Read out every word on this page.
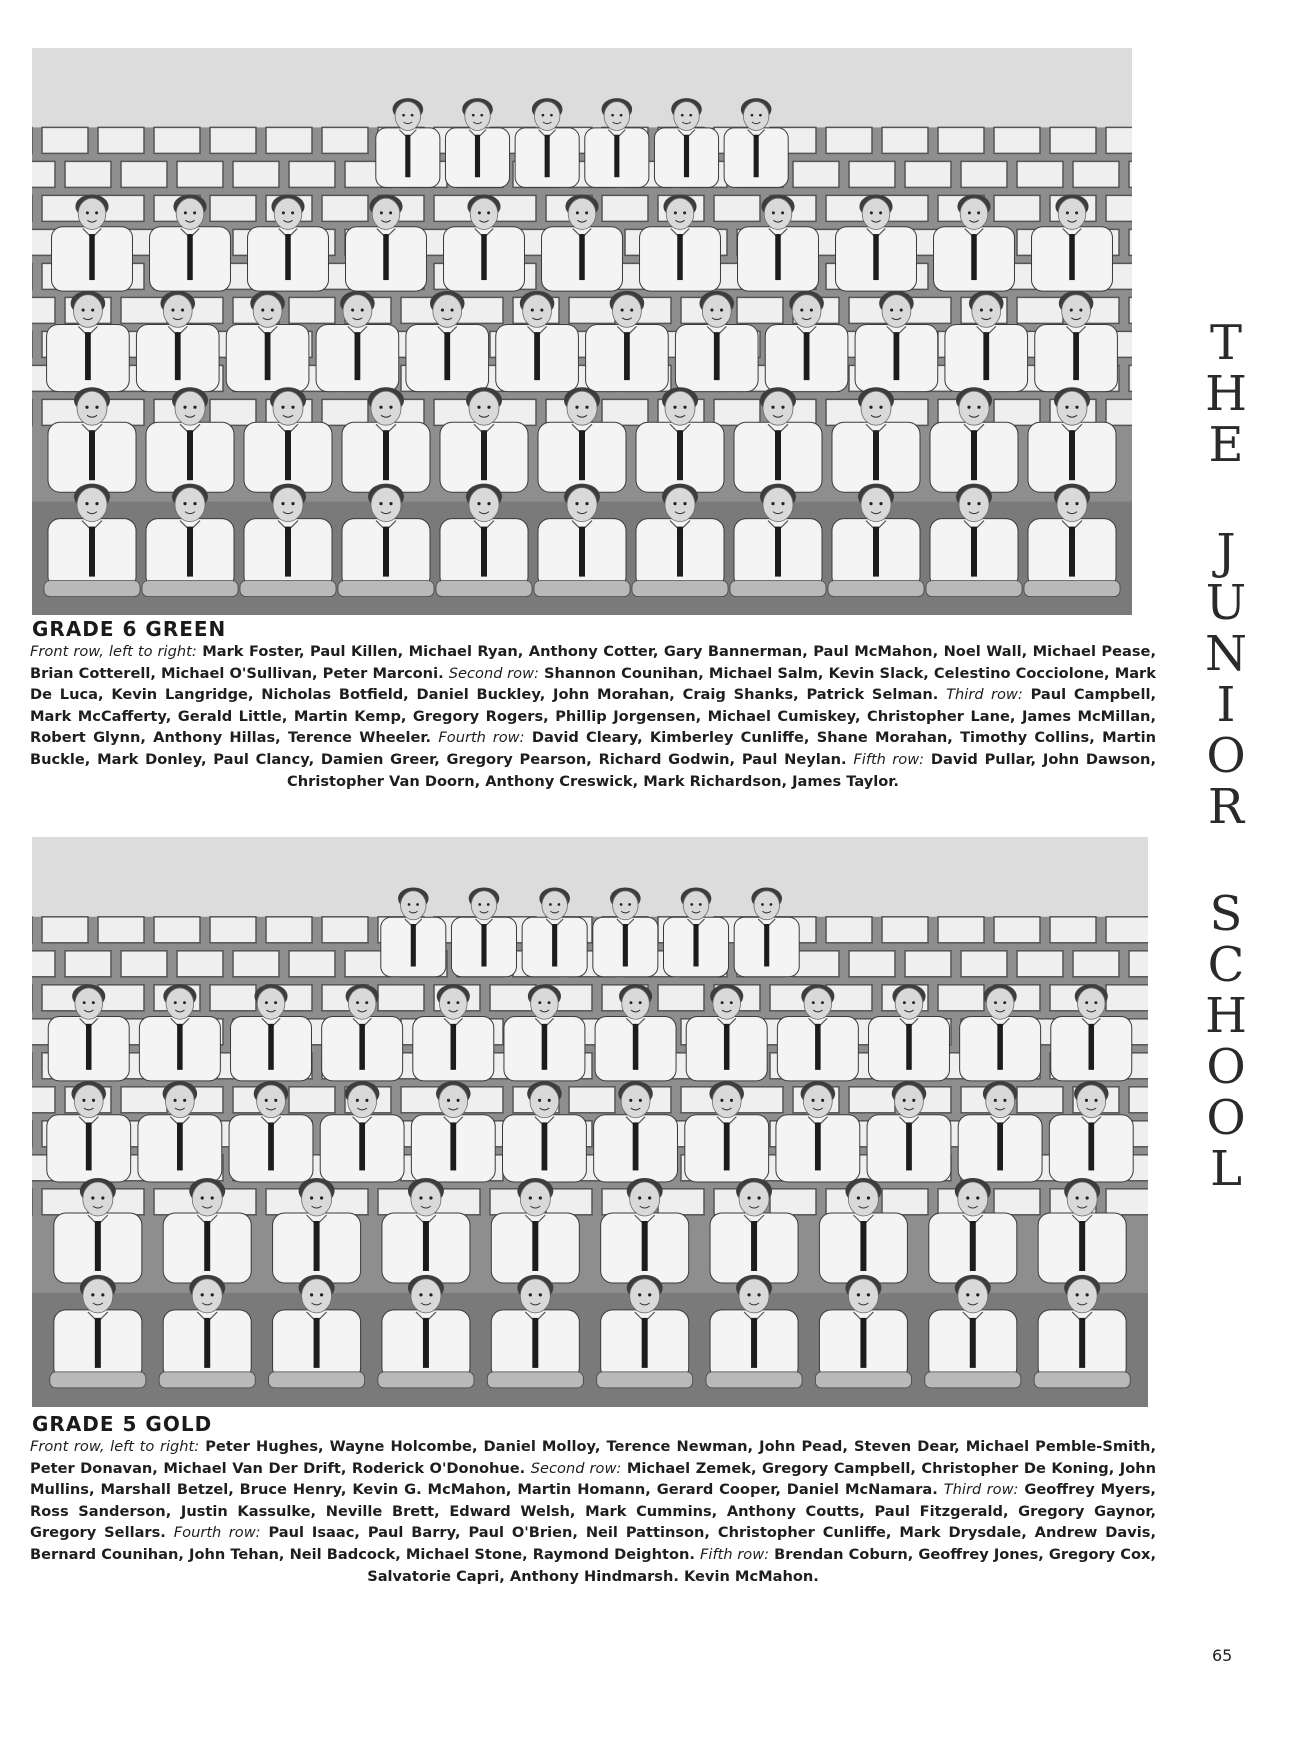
GRADE 6 GREEN

Front row, left to right: Mark Foster, Paul Killen, Michael Ryan, Anthony Cotter, Gary Bannerman, Paul McMahon, Noel Wall, Michael Pease, Brian Cotterell, Michael O'Sullivan, Peter Marconi. Second row: Shannon Counihan, Michael Salm, Kevin Slack, Celestino Cocciolone, Mark De Luca, Kevin Langridge, Nicholas Botfield, Daniel Buckley, John Morahan, Craig Shanks, Patrick Selman. Third row: Paul Campbell, Mark McCafferty, Gerald Little, Martin Kemp, Gregory Rogers, Phillip Jorgensen, Michael Cumiskey, Christopher Lane, James McMillan, Robert Glynn, Anthony Hillas, Terence Wheeler. Fourth row: David Cleary, Kimberley Cunliffe, Shane Morahan, Timothy Collins, Martin Buckle, Mark Donley, Paul Clancy, Damien Greer, Gregory Pearson, Richard Godwin, Paul Neylan. Fifth row: David Pullar, John Dawson, Christopher Van Doorn, Anthony Creswick, Mark Richardson, James Taylor.

GRADE 5 GOLD

Front row, left to right: Peter Hughes, Wayne Holcombe, Daniel Molloy, Terence Newman, John Pead, Steven Dear, Michael Pemble-Smith, Peter Donavan, Michael Van Der Drift, Roderick O'Donohue. Second row: Michael Zemek, Gregory Campbell, Christopher De Koning, John Mullins, Marshall Betzel, Bruce Henry, Kevin G. McMahon, Martin Homann, Gerard Cooper, Daniel McNamara. Third row: Geoffrey Myers, Ross Sanderson, Justin Kassulke, Neville Brett, Edward Welsh, Mark Cummins, Anthony Coutts, Paul Fitzgerald, Gregory Gaynor, Gregory Sellars. Fourth row: Paul Isaac, Paul Barry, Paul O'Brien, Neil Pattinson, Christopher Cunliffe, Mark Drysdale, Andrew Davis, Bernard Counihan, John Tehan, Neil Badcock, Michael Stone, Raymond Deighton. Fifth row: Brendan Coburn, Geoffrey Jones, Gregory Cox, Salvatorie Capri, Anthony Hindmarsh. Kevin McMahon.

T
H
E
J
U
N
I
O
R
S
C
H
O
O
L

65
